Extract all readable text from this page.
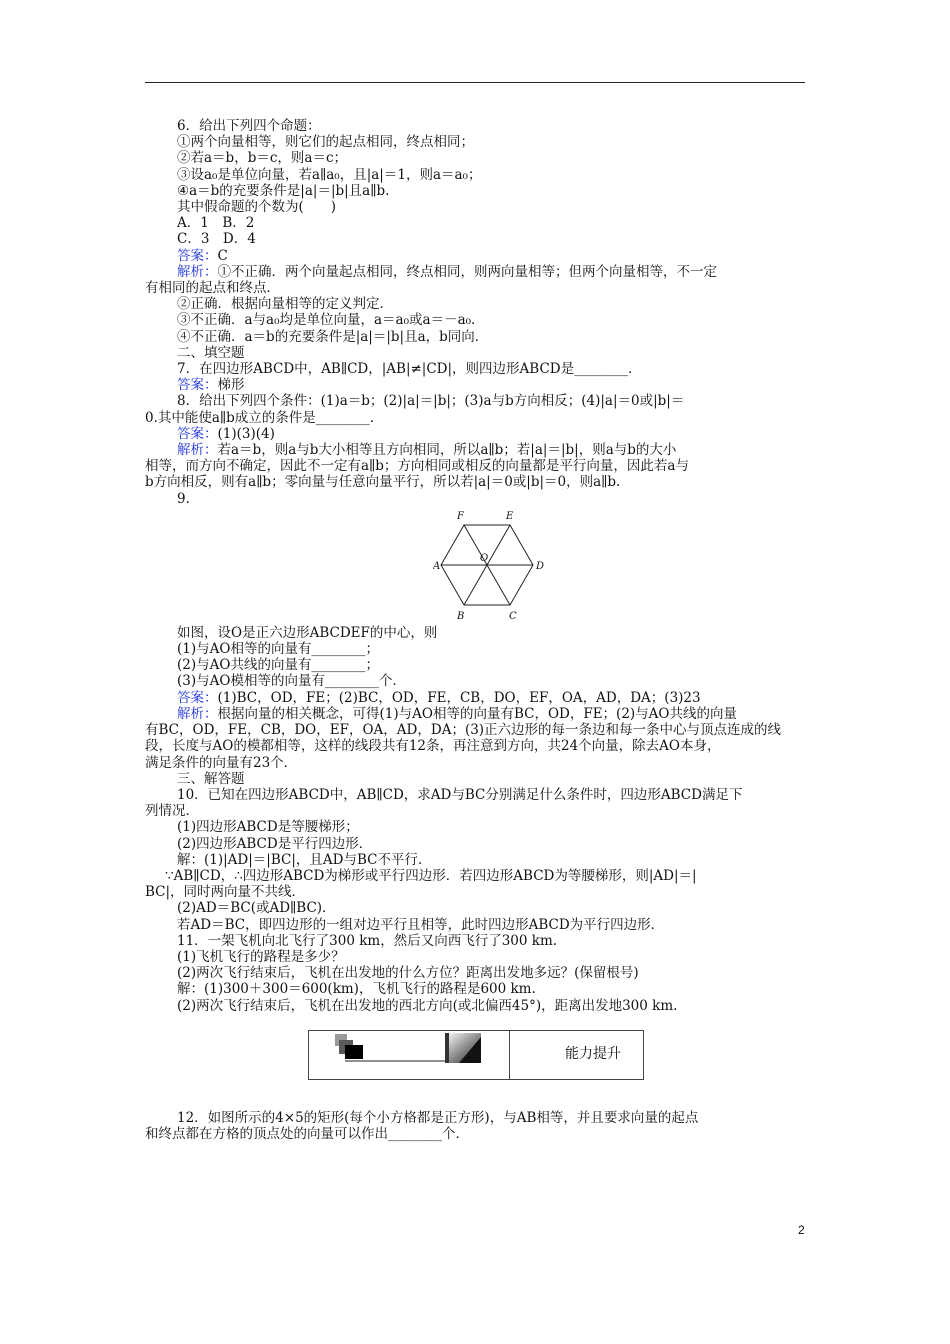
6．给出下列四个命题：
①两个向量相等，则它们的起点相同，终点相同；
②若a＝b，b＝c，则a＝c；
③设a₀是单位向量，若a∥a₀，且|a|＝1，则a＝a₀；
④a＝b的充要条件是|a|＝|b|且a∥b.
其中假命题的个数为(　　)
A．1　B．2
C．3　D．4
答案：C
解析：①不正确．两个向量起点相同，终点相同，则两向量相等；但两个向量相等，不一定
有相同的起点和终点．
②正确．根据向量相等的定义判定．
③不正确．a与a₀均是单位向量，a＝a₀或a＝－a₀.
④不正确．a＝b的充要条件是|a|＝|b|且a，b同向．
二、填空题
7．在四边形ABCD中，AB∥CD，|AB|≠|CD|，则四边形ABCD是________．
答案：梯形
8．给出下列四个条件：(1)a＝b；(2)|a|＝|b|；(3)a与b方向相反；(4)|a|＝0或|b|＝
0.其中能使a∥b成立的条件是________．
答案：(1)(3)(4)
解析：若a＝b，则a与b大小相等且方向相同，所以a∥b；若|a|＝|b|，则a与b的大小
相等，而方向不确定，因此不一定有a∥b；方向相同或相反的向量都是平行向量，因此若a与
b方向相反，则有a∥b；零向量与任意向量平行，所以若|a|＝0或|b|＝0，则a∥b.
9.
F	E
A
O
D
B	C
如图，设O是正六边形ABCDEF的中心，则
(1)与AO相等的向量有________；
(2)与AO共线的向量有________；
(3)与AO模相等的向量有________个．
答案：(1)BC，OD，FE；(2)BC，OD，FE，CB，DO，EF，OA，AD，DA；(3)23
解析：根据向量的相关概念，可得(1)与AO相等的向量有BC，OD，FE；(2)与AO共线的向量
有BC，OD，FE，CB，DO，EF，OA，AD，DA；(3)正六边形的每一条边和每一条中心与顶点连成的线
段，长度与AO的模都相等，这样的线段共有12条，再注意到方向，共24个向量，除去AO本身，
满足条件的向量有23个．
三、解答题
10．已知在四边形ABCD中，AB∥CD，求AD与BC分别满足什么条件时，四边形ABCD满足下
列情况．
(1)四边形ABCD是等腰梯形；
(2)四边形ABCD是平行四边形．
解：(1)|AD|＝|BC|，且AD与BC不平行．
∵AB∥CD，∴四边形ABCD为梯形或平行四边形．若四边形ABCD为等腰梯形，则|AD|＝|
BC|，同时两向量不共线．
(2)AD＝BC(或AD∥BC)．
若AD＝BC，即四边形的一组对边平行且相等，此时四边形ABCD为平行四边形．
11．一架飞机向北飞行了300 km，然后又向西飞行了300 km.
(1)飞机飞行的路程是多少？
(2)两次飞行结束后，飞机在出发地的什么方位？距离出发地多远？(保留根号)
解：(1)300＋300＝600(km)，飞机飞行的路程是600 km.
(2)两次飞行结束后，飞机在出发地的西北方向(或北偏西45°)，距离出发地300 km.
能力提升
12．如图所示的4×5的矩形(每个小方格都是正方形)，与AB相等，并且要求向量的起点
和终点都在方格的顶点处的向量可以作出________个．
2
